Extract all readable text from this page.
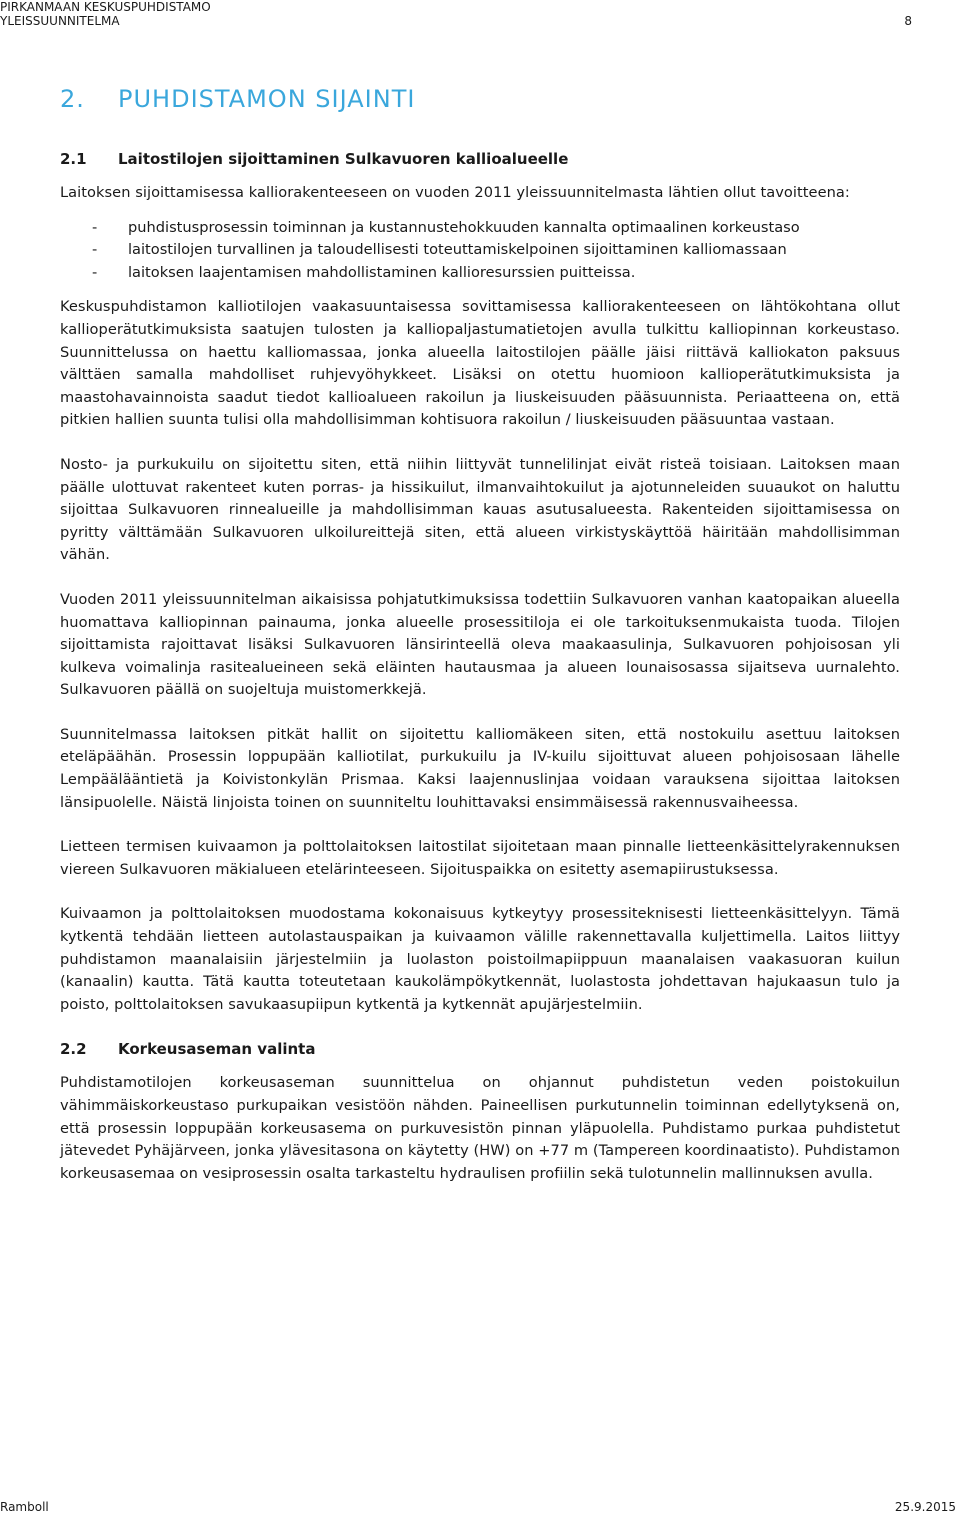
PIRKANMAAN KESKUSPUHDISTAMO
YLEISSUUNNITELMA	8
2. PUHDISTAMON SIJAINTI
2.1 Laitostilojen sijoittaminen Sulkavuoren kallioalueelle

Laitoksen sijoittamisessa kalliorakenteeseen on vuoden 2011 yleissuunnitelmasta lähtien ollut tavoitteena:

- puhdistusprosessin toiminnan ja kustannustehokkuuden kannalta optimaalinen korkeustaso
- laitostilojen turvallinen ja taloudellisesti toteuttamiskelpoinen sijoittaminen kalliomassaan
- laitoksen laajentamisen mahdollistaminen kallioresurssien puitteissa.

Keskuspuhdistamon kalliotilojen vaakasuuntaisessa sovittamisessa kalliorakenteeseen on lähtökohtana ollut kallioperätutkimuksista saatujen tulosten ja kalliopaljastumatietojen avulla tulkittu kalliopinnan korkeustaso. Suunnittelussa on haettu kalliomassaa, jonka alueella laitostilojen päälle jäisi riittävä kalliokaton paksuus välttäen samalla mahdolliset ruhjevyöhykkeet. Lisäksi on otettu huomioon kallioperätutkimuksista ja maastohavainnoista saadut tiedot kallioalueen rakoilun ja liuskeisuuden pääsuunnista. Periaatteena on, että pitkien hallien suunta tulisi olla mahdollisimman kohtisuora rakoilun / liuskeisuuden pääsuuntaa vastaan.

Nosto- ja purkukuilu on sijoitettu siten, että niihin liittyvät tunnelilinjat eivät risteä toisiaan. Laitoksen maan päälle ulottuvat rakenteet kuten porras- ja hissikuilut, ilmanvaihtokuilut ja ajotunneleiden suuaukot on haluttu sijoittaa Sulkavuoren rinnealueille ja mahdollisimman kauas asutusalueesta. Rakenteiden sijoittamisessa on pyritty välttämään Sulkavuoren ulkoilureittejä siten, että alueen virkistyskäyttöä häiritään mahdollisimman vähän.

Vuoden 2011 yleissuunnitelman aikaisissa pohjatutkimuksissa todettiin Sulkavuoren vanhan kaatopaikan alueella huomattava kalliopinnan painauma, jonka alueelle prosessitiloja ei ole tarkoituksenmukaista tuoda. Tilojen sijoittamista rajoittavat lisäksi Sulkavuoren länsirinteellä oleva maakaasulinja, Sulkavuoren pohjoisosan yli kulkeva voimalinja rasitealueineen sekä eläinten hautausmaa ja alueen lounaisosassa sijaitseva uurnalehto. Sulkavuoren päällä on suojeltuja muistomerkkejä.

Suunnitelmassa laitoksen pitkät hallit on sijoitettu kalliomäkeen siten, että nostokuilu asettuu laitoksen eteläpäähän. Prosessin loppupään kalliotilat, purkukuilu ja IV-kuilu sijoittuvat alueen pohjoisosaan lähelle Lempäälääntietä ja Koivistonkylän Prismaa. Kaksi laajennuslinjaa voidaan varauksena sijoittaa laitoksen länsipuolelle. Näistä linjoista toinen on suunniteltu louhittavaksi ensimmäisessä rakennusvaiheessa.

Lietteen termisen kuivaamon ja polttolaitoksen laitostilat sijoitetaan maan pinnalle lietteenkäsittelyrakennuksen viereen Sulkavuoren mäkialueen etelärinteeseen. Sijoituspaikka on esitetty asemapiirustuksessa.

Kuivaamon ja polttolaitoksen muodostama kokonaisuus kytkeytyy prosessiteknisesti lietteenkäsittelyyn. Tämä kytkentä tehdään lietteen autolastauspaikan ja kuivaamon välille rakennettavalla kuljettimella. Laitos liittyy puhdistamon maanalaisiin järjestelmiin ja luolaston poistoilmapiippuun maanalaisen vaakasuoran kuilun (kanaalin) kautta. Tätä kautta toteutetaan kaukolämpökytkennät, luolastosta johdettavan hajukaasun tulo ja poisto, polttolaitoksen savukaasupiipun kytkentä ja kytkennät apujärjestelmiin.

2.2 Korkeusaseman valinta

Puhdistamotilojen korkeusaseman suunnittelua on ohjannut puhdistetun veden poistokuilun vähimmäiskorkeustaso purkupaikan vesistöön nähden. Paineellisen purkutunnelin toiminnan edellytyksenä on, että prosessin loppupään korkeusasema on purkuvesistön pinnan yläpuolella. Puhdistamo purkaa puhdistetut jätevedet Pyhäjärveen, jonka ylävesitasona on käytetty (HW) on +77 m (Tampereen koordinaatisto). Puhdistamon korkeusasemaa on vesiprosessin osalta tarkasteltu hydraulisen profiilin sekä tulotunnelin mallinnuksen avulla.

Ramboll	25.9.2015
